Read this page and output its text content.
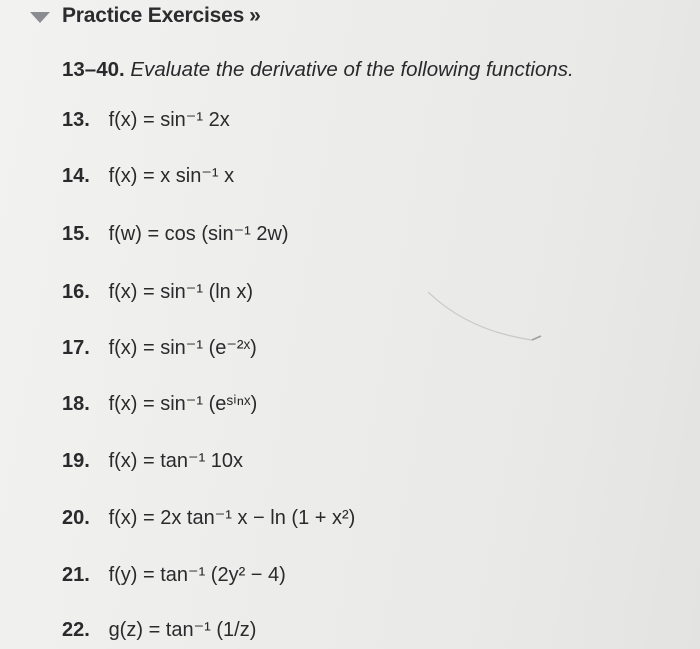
Practice Exercises »
13–40. Evaluate the derivative of the following functions.
13. f(x) = sin⁻¹ 2x
14. f(x) = x sin⁻¹ x
15. f(w) = cos (sin⁻¹ 2w)
16. f(x) = sin⁻¹ (ln x)
17. f(x) = sin⁻¹ (e⁻²ˣ)
18. f(x) = sin⁻¹ (eˢⁱⁿˣ)
19. f(x) = tan⁻¹ 10x
20. f(x) = 2x tan⁻¹ x − ln (1 + x²)
21. f(y) = tan⁻¹ (2y² − 4)
22. g(z) = tan⁻¹ (1/z)
